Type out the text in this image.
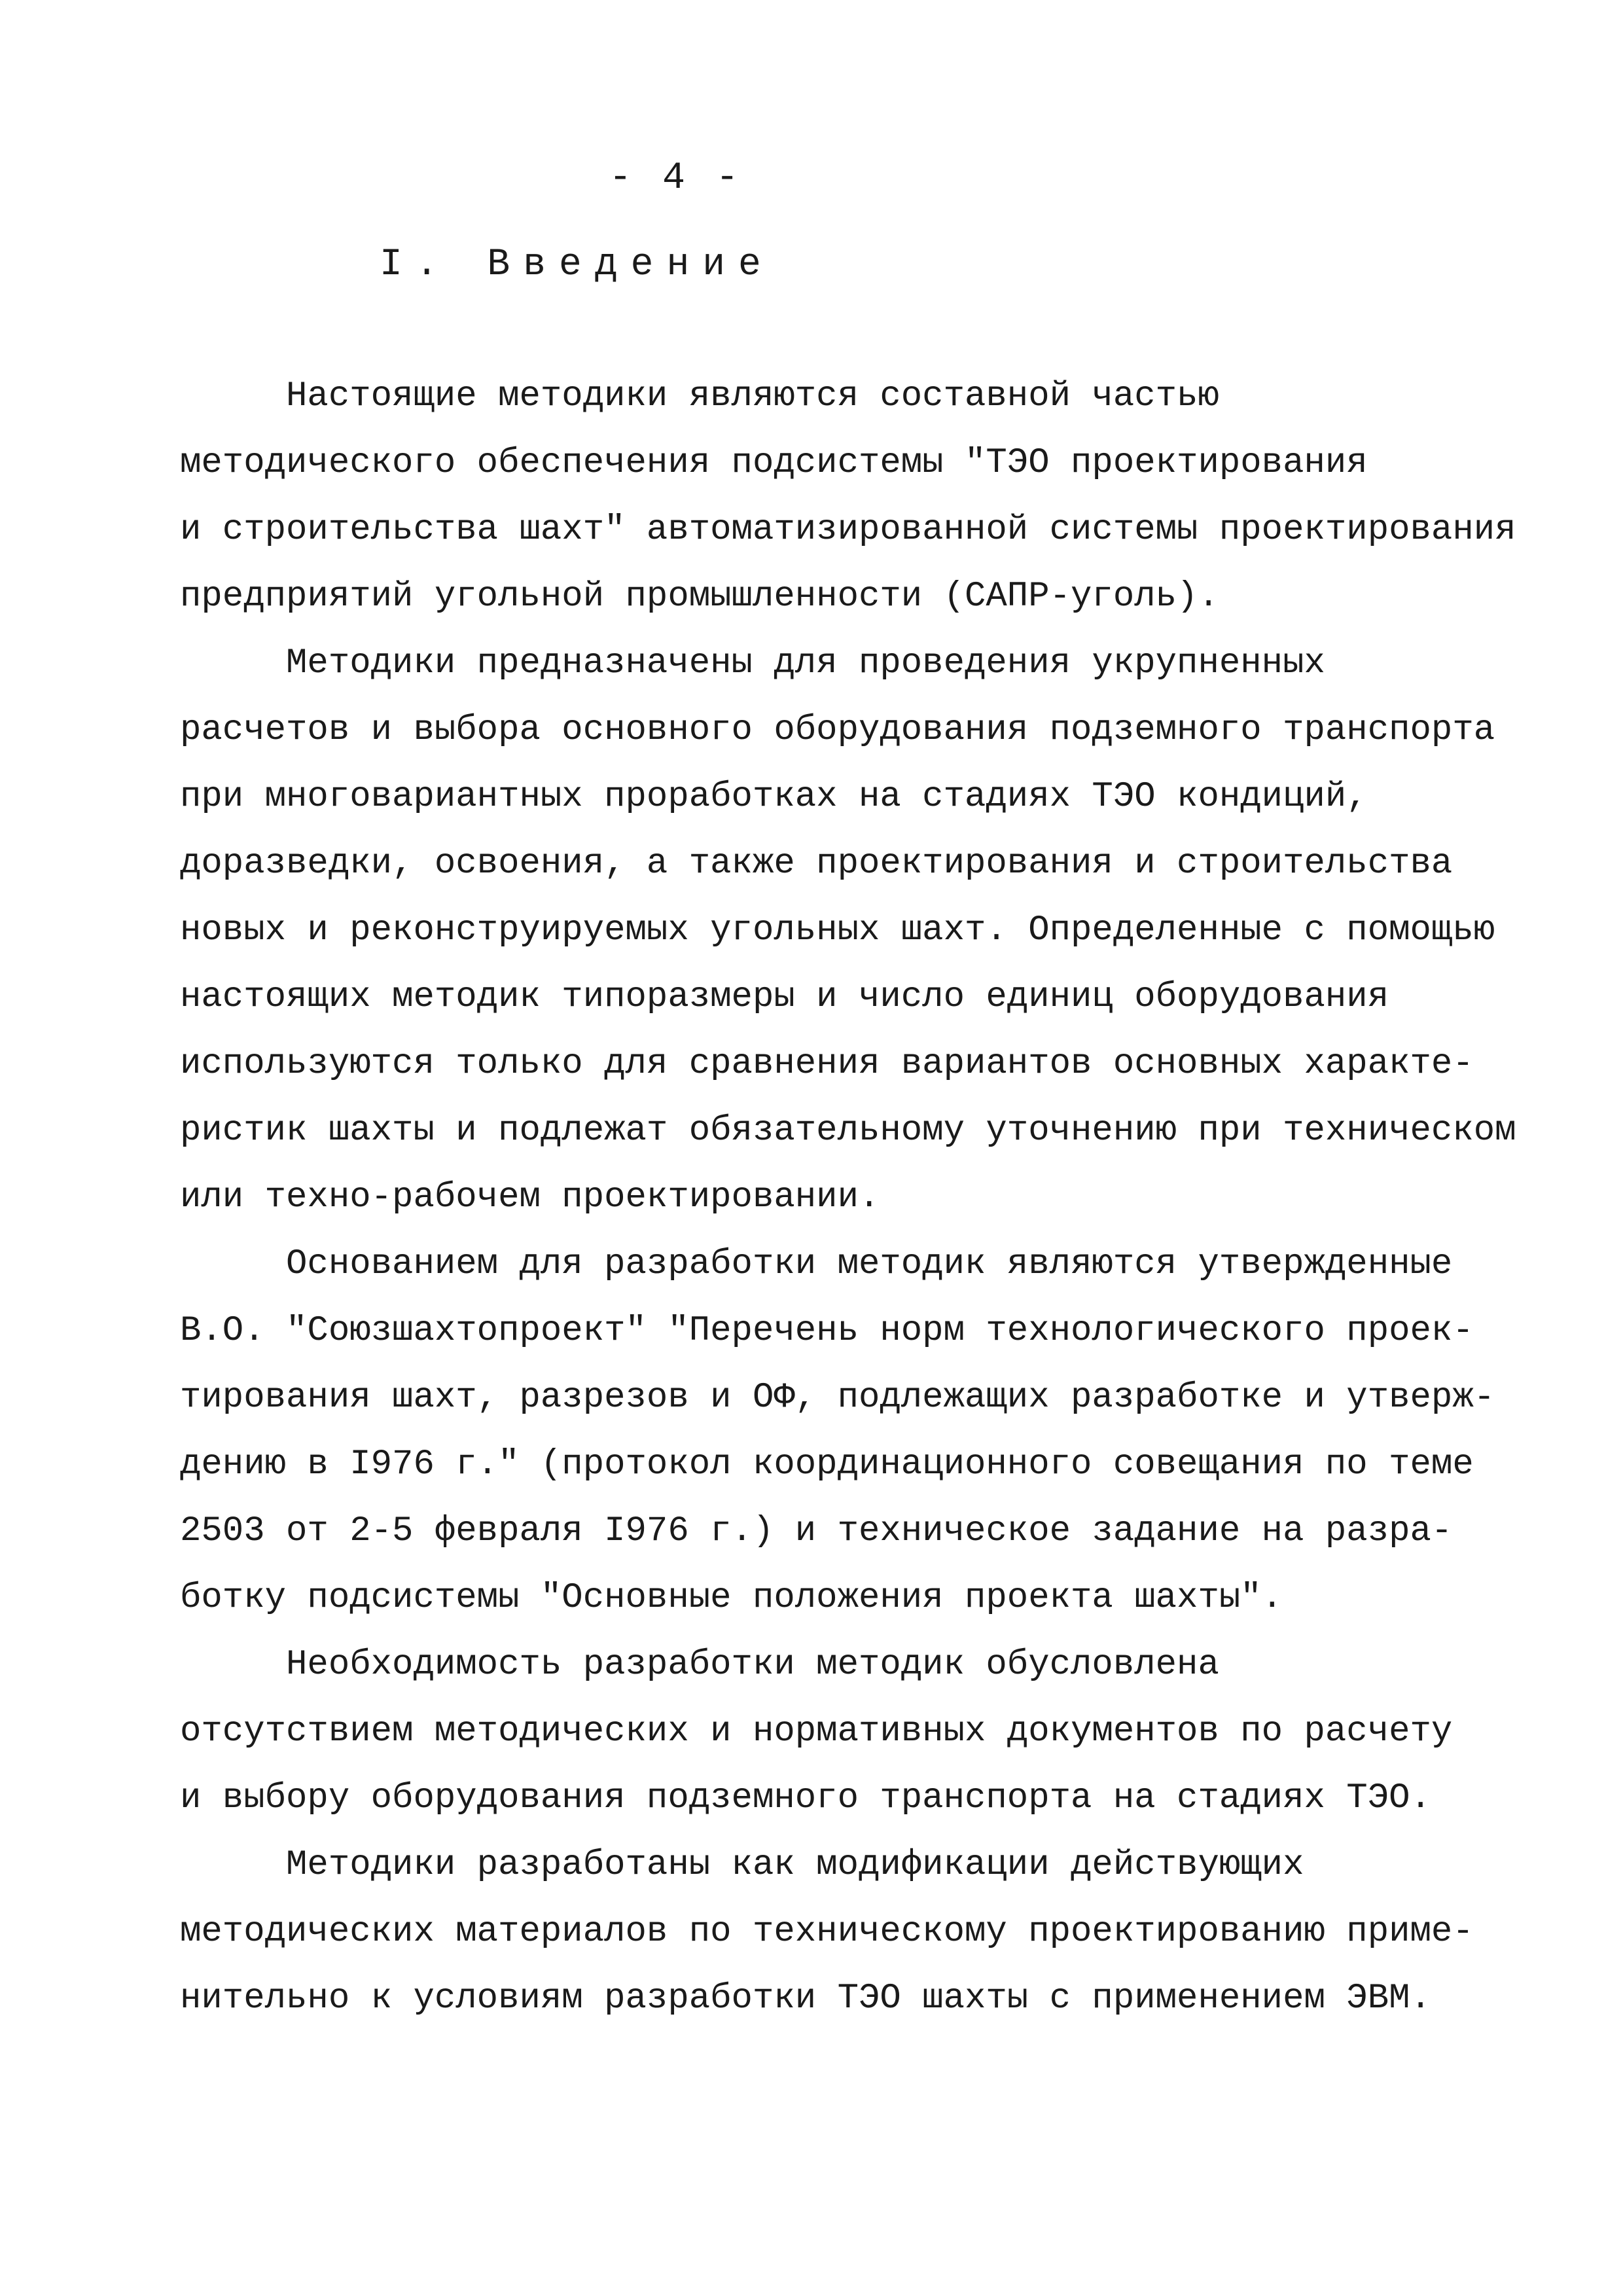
- 4 -
I. Введение
Настоящие методики являются составной частью
методического обеспечения подсистемы "ТЭО проектирования
и строительства шахт" автоматизированной системы проектирования
предприятий угольной промышленности (САПР-уголь).
Методики предназначены для проведения укрупненных
расчетов и выбора основного оборудования подземного транспорта
при многовариантных проработках на стадиях ТЭО кондиций,
доразведки, освоения, а также проектирования и строительства
новых и реконструируемых угольных шахт. Определенные с помощью
настоящих методик типоразмеры и число единиц оборудования
используются только для сравнения вариантов основных характе-
ристик шахты и подлежат обязательному уточнению при техническом
или техно-рабочем проектировании.
Основанием для разработки методик являются утвержденные
В.О. "Союзшахтопроект" "Перечень норм технологического проек-
тирования шахт, разрезов и ОФ, подлежащих разработке и утверж-
дению в I976 г." (протокол координационного совещания по теме
2503 от 2-5 февраля I976 г.) и техническое задание на разра-
ботку подсистемы "Основные положения проекта шахты".
Необходимость разработки методик обусловлена
отсутствием методических и нормативных документов по расчету
и выбору оборудования подземного транспорта на стадиях ТЭО.
Методики разработаны как модификации действующих
методических материалов по техническому проектированию приме-
нительно к условиям разработки ТЭО шахты с применением ЭВМ.
